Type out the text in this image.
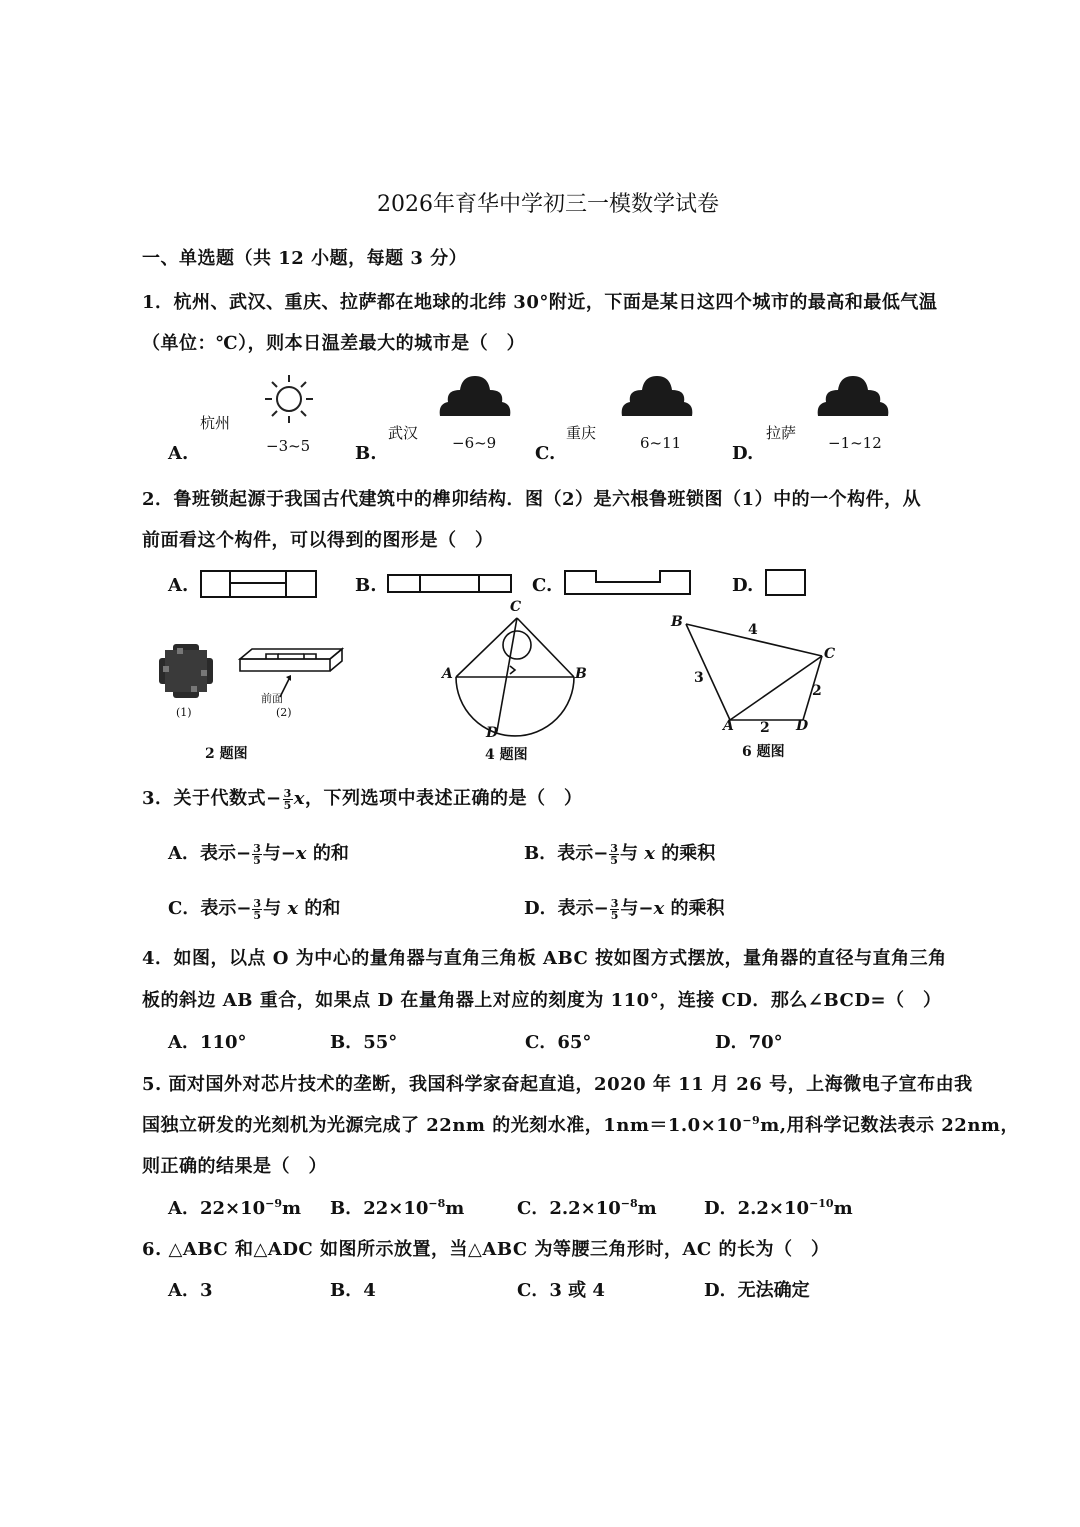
2026年育华中学初三一模数学试卷
一、单选题（共 12 小题，每题 3 分）
1．杭州、武汉、重庆、拉萨都在地球的北纬 30°附近，下面是某日这四个城市的最高和最低气温
（单位：℃），则本日温差最大的城市是（　）
A.
杭州
−3~5 B.
武汉
−6~9 C.
重庆
6~11	D.
拉萨
−1~12
2．鲁班锁起源于我国古代建筑中的榫卯结构．图（2）是六根鲁班锁图（1）中的一个构件，从
前面看这个构件，可以得到的图形是（　）
A.	B.	C.	D.
(1)
前面
(2)
2 题图
C
A	B
D
4 题图
B
C
A	D
3
4
2
2
6 题图
3．关于代数式− $\frac{3}{5}$ x，下列选项中表述正确的是（　）
A．表示− $\frac{3}{5}$ 与−x 的和	B．表示− $\frac{3}{5}$ 与 x 的乘积
C．表示− $\frac{3}{5}$ 与 x 的和	D．表示− $\frac{3}{5}$ 与−x 的乘积
4．如图，以点 O 为中心的量角器与直角三角板 ABC 按如图方式摆放，量角器的直径与直角三角
板的斜边 AB 重合，如果点 D 在量角器上对应的刻度为 110°，连接 CD．那么∠BCD=（　）
A．110°	B．55°	C．65°	D．70°
5. 面对国外对芯片技术的垄断，我国科学家奋起直追，2020 年 11 月 26 号，上海微电子宣布由我
国独立研发的光刻机为光源完成了 22nm 的光刻水准，$1nm=1.0\times 10^{-9}m$,用科学记数法表示 22nm，
则正确的结果是（　）
A．$22\times 10^{-9}m$ B．$22\times 10^{-8}m$	C．$2.2\times 10^{-8}m$	D．$2.2\times 10^{-10}m$
6. △ABC 和△ADC 如图所示放置，当△ABC 为等腰三角形时，AC 的长为（　）
A．3	B．4	C．3 或 4	D．无法确定
